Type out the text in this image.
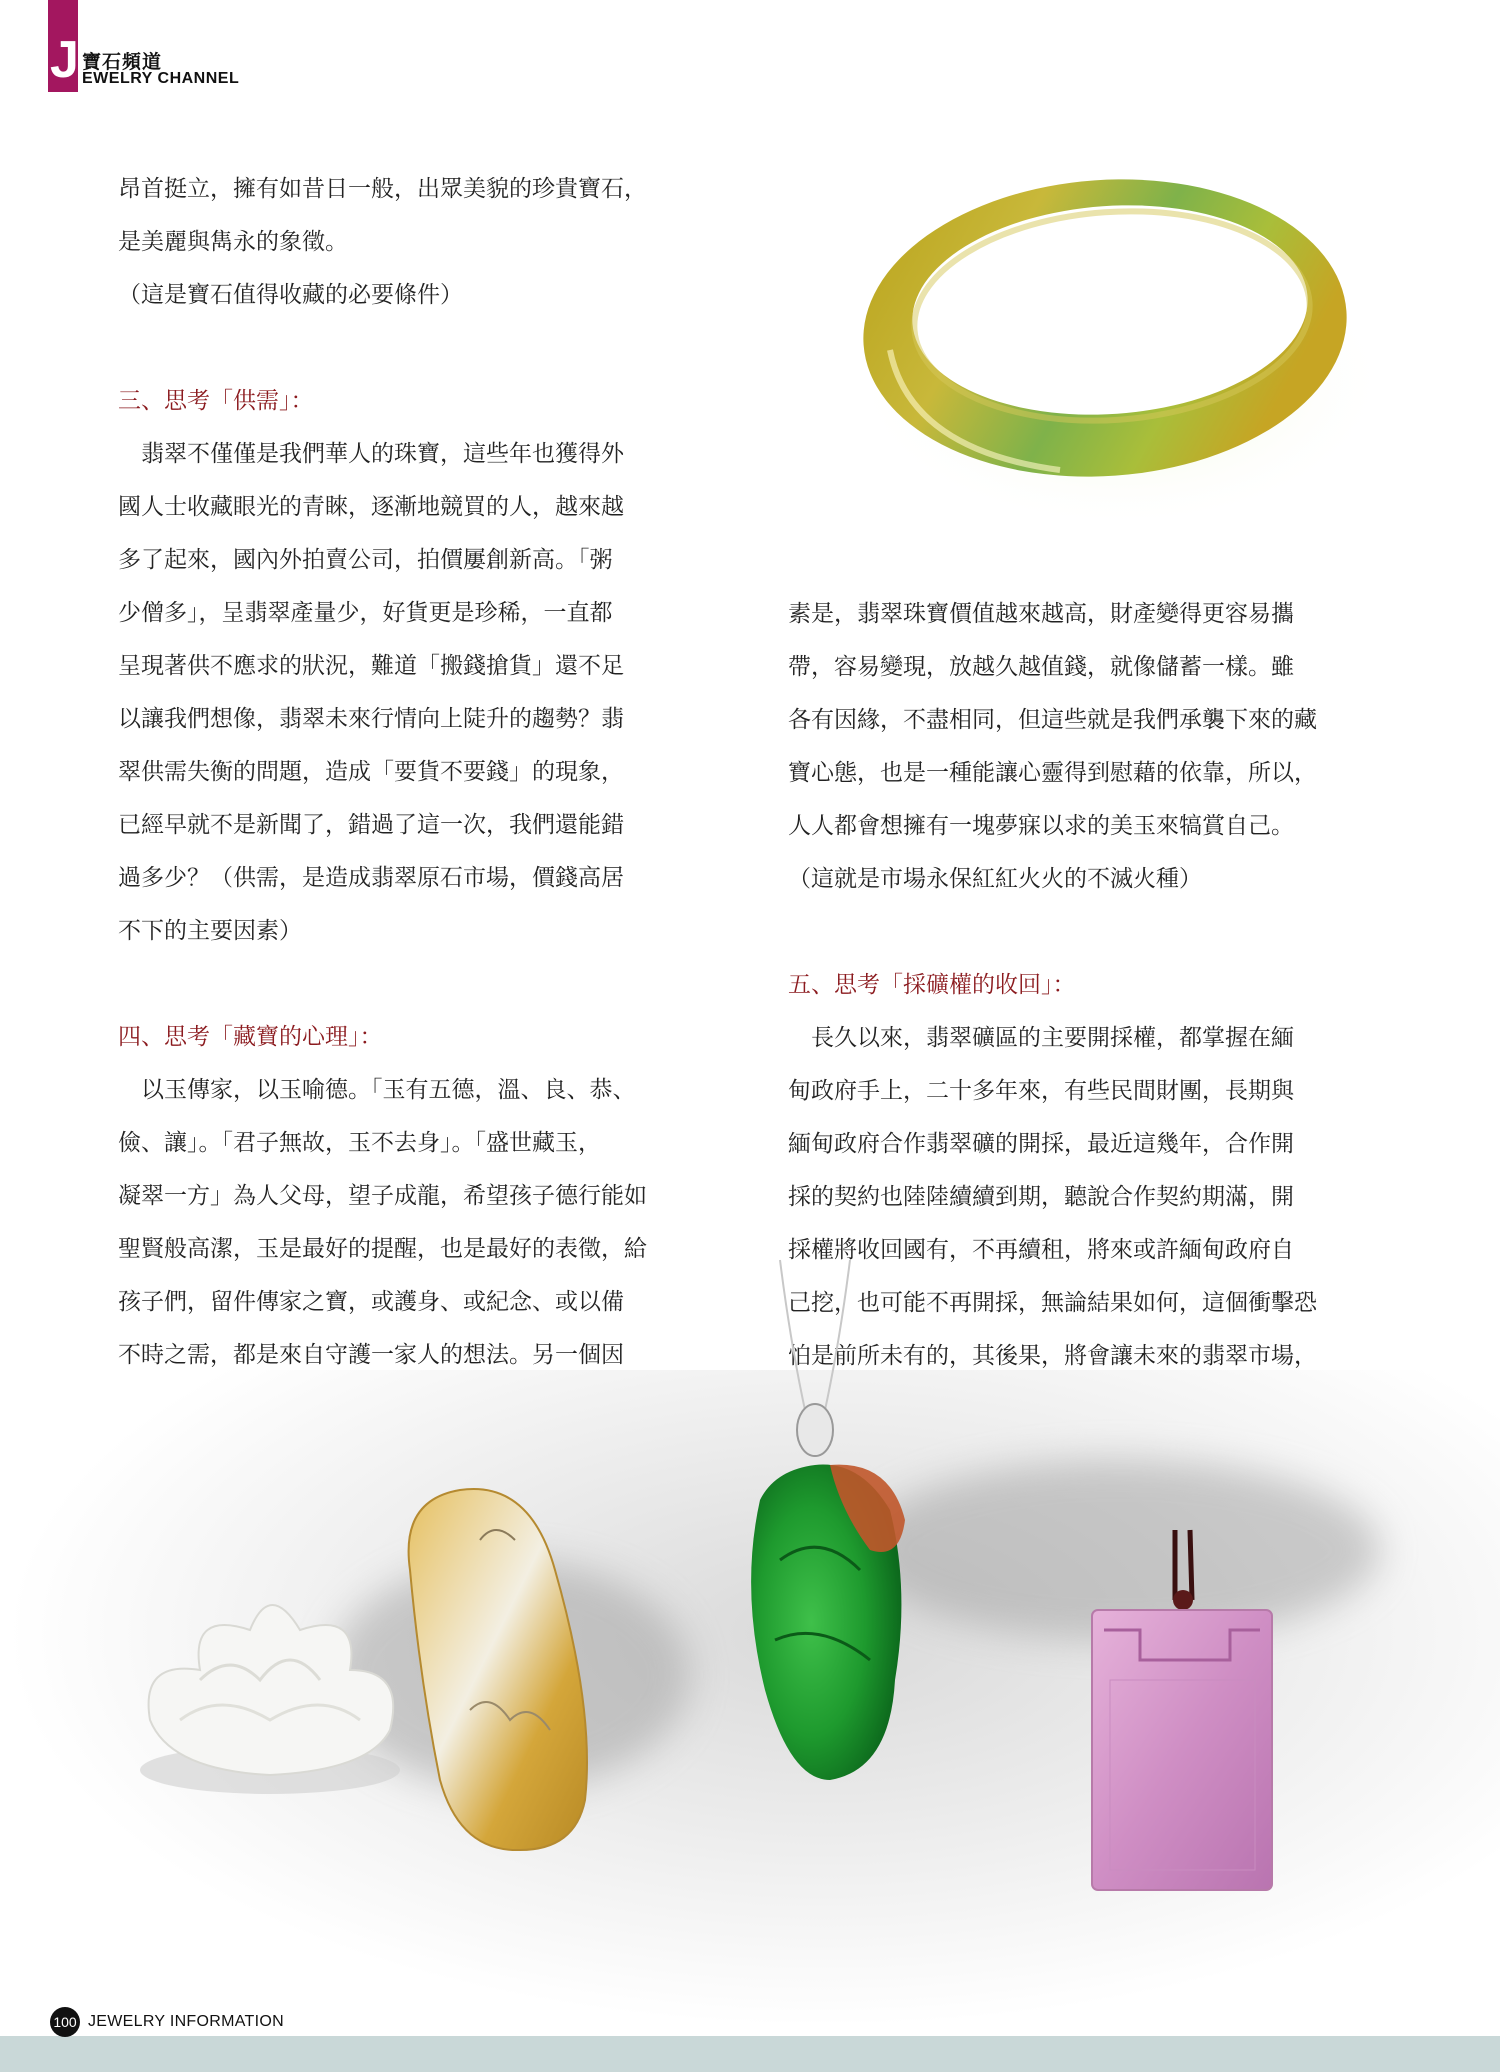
J 寶石頻道
EWELRY CHANNEL

昂首挺立，擁有如昔日一般，出眾美貌的珍貴寶石，

是美麗與雋永的象徵。

（這是寶石值得收藏的必要條件）

三、思考「供需」：

翡翠不僅僅是我們華人的珠寶，這些年也獲得外

國人士收藏眼光的青睞，逐漸地競買的人，越來越

多了起來，國內外拍賣公司，拍價屢創新高。「粥

少僧多」，呈翡翠產量少，好貨更是珍稀，一直都

呈現著供不應求的狀況，難道「搬錢搶貨」還不足

以讓我們想像，翡翠未來行情向上陡升的趨勢？翡

翠供需失衡的問題，造成「要貨不要錢」的現象，

已經早就不是新聞了，錯過了這一次，我們還能錯

過多少？（供需，是造成翡翠原石市場，價錢高居

不下的主要因素）

四、思考「藏寶的心理」：

以玉傳家，以玉喻德。「玉有五德，溫、良、恭、

儉、讓」。「君子無故，玉不去身」。「盛世藏玉，

凝翠一方」為人父母，望子成龍，希望孩子德行能如

聖賢般高潔，玉是最好的提醒，也是最好的表徵，給

孩子們，留件傳家之寶，或護身、或紀念、或以備

不時之需，都是來自守護一家人的想法。另一個因

素是，翡翠珠寶價值越來越高，財產變得更容易攜

帶，容易變現，放越久越值錢，就像儲蓄一樣。雖

各有因緣，不盡相同，但這些就是我們承襲下來的藏

寶心態，也是一種能讓心靈得到慰藉的依靠，所以，

人人都會想擁有一塊夢寐以求的美玉來犒賞自己。

（這就是市場永保紅紅火火的不滅火種）

五、思考「採礦權的收回」：

長久以來，翡翠礦區的主要開採權，都掌握在緬

甸政府手上，二十多年來，有些民間財團，長期與

緬甸政府合作翡翠礦的開採，最近這幾年，合作開

採的契約也陸陸續續到期，聽說合作契約期滿，開

採權將收回國有，不再續租，將來或許緬甸政府自

己挖，也可能不再開採，無論結果如何，這個衝擊恐

怕是前所未有的，其後果，將會讓未來的翡翠市場，

100 JEWELRY INFORMATION
